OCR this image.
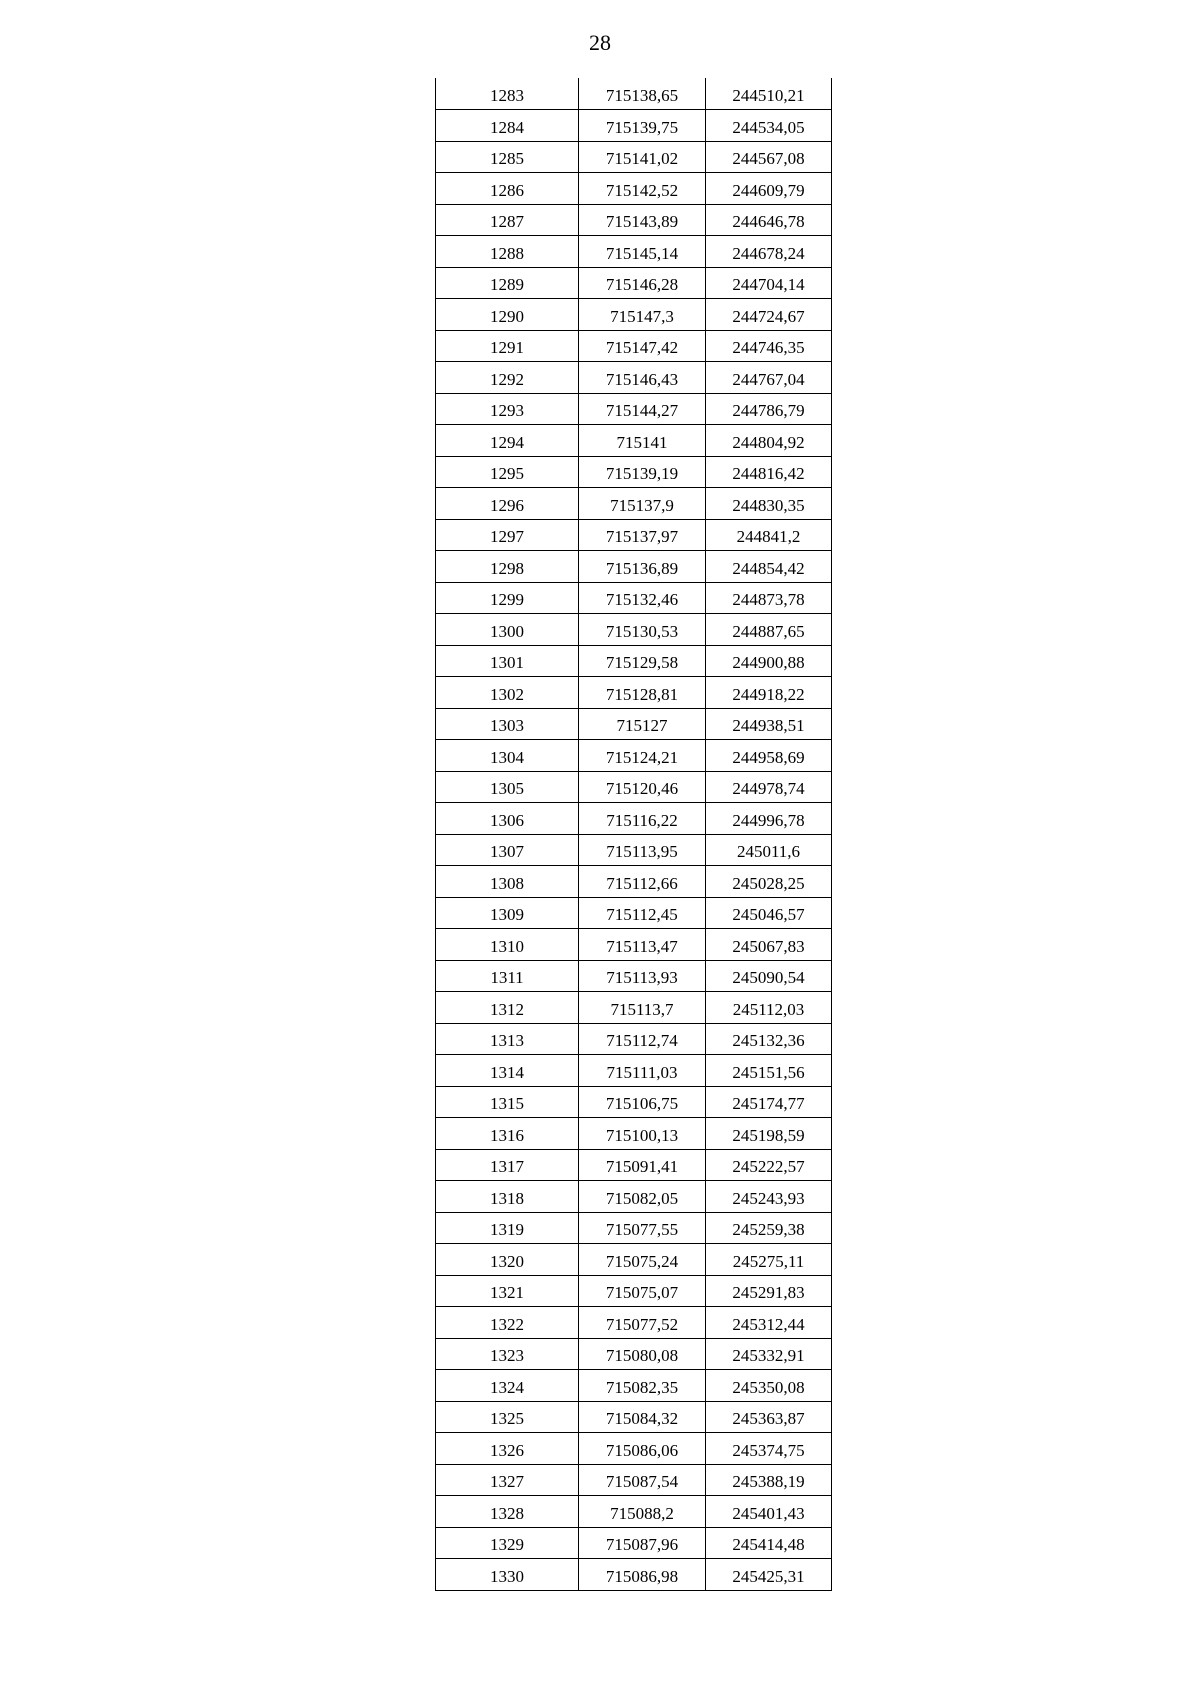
28
1283	715138,65	244510,21
1284	715139,75	244534,05
1285	715141,02	244567,08
1286	715142,52	244609,79
1287	715143,89	244646,78
1288	715145,14	244678,24
1289	715146,28	244704,14
1290	715147,3	244724,67
1291	715147,42	244746,35
1292	715146,43	244767,04
1293	715144,27	244786,79
1294	715141	244804,92
1295	715139,19	244816,42
1296	715137,9	244830,35
1297	715137,97	244841,2
1298	715136,89	244854,42
1299	715132,46	244873,78
1300	715130,53	244887,65
1301	715129,58	244900,88
1302	715128,81	244918,22
1303	715127	244938,51
1304	715124,21	244958,69
1305	715120,46	244978,74
1306	715116,22	244996,78
1307	715113,95	245011,6
1308	715112,66	245028,25
1309	715112,45	245046,57
1310	715113,47	245067,83
1311	715113,93	245090,54
1312	715113,7	245112,03
1313	715112,74	245132,36
1314	715111,03	245151,56
1315	715106,75	245174,77
1316	715100,13	245198,59
1317	715091,41	245222,57
1318	715082,05	245243,93
1319	715077,55	245259,38
1320	715075,24	245275,11
1321	715075,07	245291,83
1322	715077,52	245312,44
1323	715080,08	245332,91
1324	715082,35	245350,08
1325	715084,32	245363,87
1326	715086,06	245374,75
1327	715087,54	245388,19
1328	715088,2	245401,43
1329	715087,96	245414,48
1330	715086,98	245425,31
